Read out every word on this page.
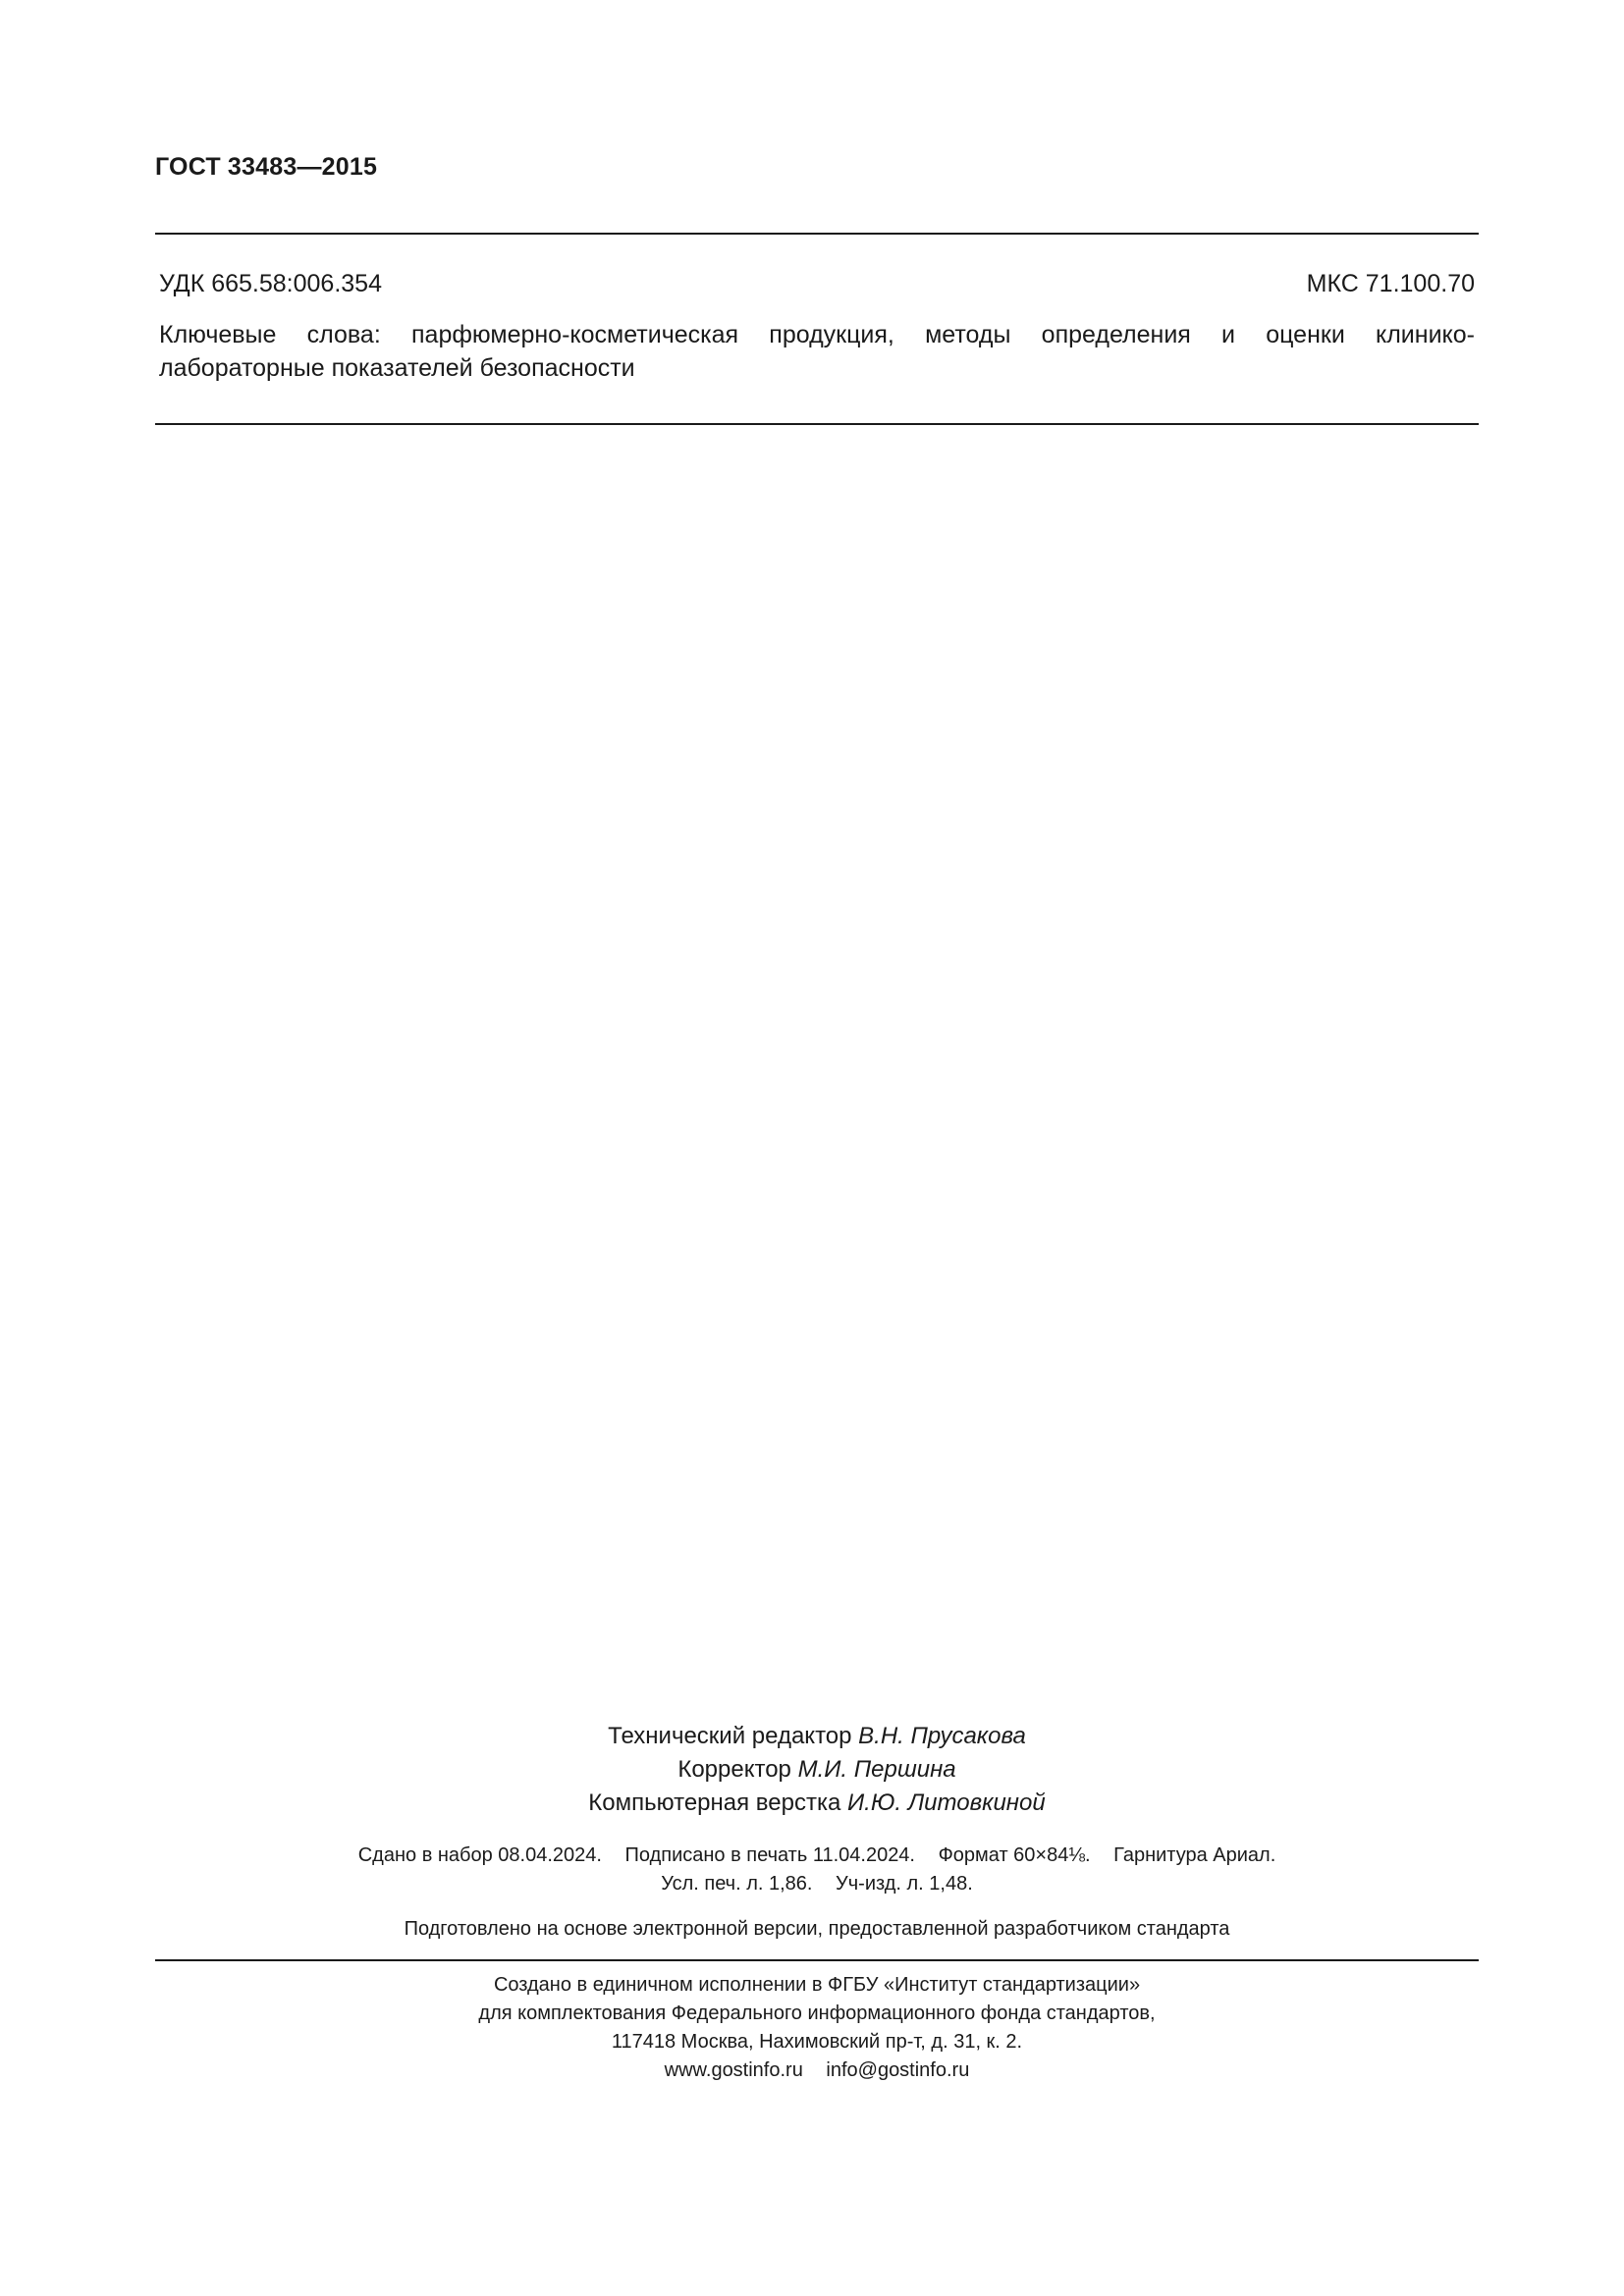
ГОСТ 33483—2015
УДК 665.58:006.354	МКС 71.100.70
Ключевые слова: парфюмерно-косметическая продукция, методы определения и оценки клинико-
лабораторные показателей безопасности
Технический редактор В.Н. Прусакова
Корректор М.И. Першина
Компьютерная верстка И.Ю. Литовкиной
Сдано в набор 08.04.2024. Подписано в печать 11.04.2024. Формат 60×84⅛. Гарнитура Ариал.
Усл. печ. л. 1,86. Уч-изд. л. 1,48.
Подготовлено на основе электронной версии, предоставленной разработчиком стандарта
Создано в единичном исполнении в ФГБУ «Институт стандартизации»
для комплектования Федерального информационного фонда стандартов,
117418 Москва, Нахимовский пр-т, д. 31, к. 2.
www.gostinfo.ru info@gostinfo.ru
